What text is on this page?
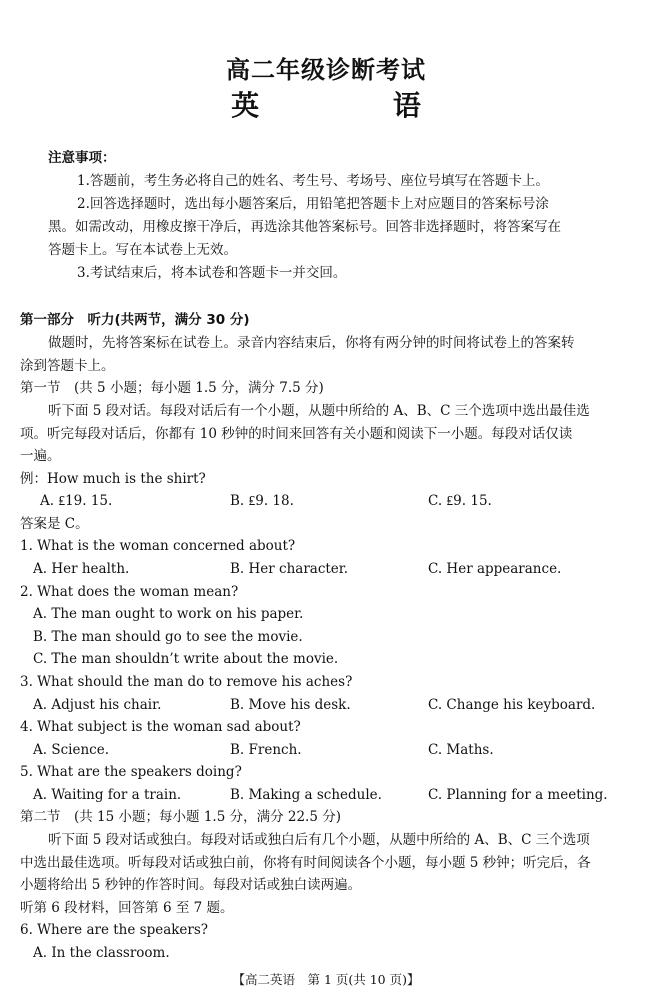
高二年级诊断考试
英 语
注意事项：
1.答题前，考生务必将自己的姓名、考生号、考场号、座位号填写在答题卡上。
2.回答选择题时，选出每小题答案后，用铅笔把答题卡上对应题目的答案标号涂
黑。如需改动，用橡皮擦干净后，再选涂其他答案标号。回答非选择题时，将答案写在
答题卡上。写在本试卷上无效。
3.考试结束后，将本试卷和答题卡一并交回。
第一部分　听力(共两节，满分 30 分)
做题时，先将答案标在试卷上。录音内容结束后，你将有两分钟的时间将试卷上的答案转
涂到答题卡上。
第一节　(共 5 小题；每小题 1.5 分，满分 7.5 分)
听下面 5 段对话。每段对话后有一个小题，从题中所给的 A、B、C 三个选项中选出最佳选
项。听完每段对话后，你都有 10 秒钟的时间来回答有关小题和阅读下一小题。每段对话仅读
一遍。
例：How much is the shirt?
A. ₤19. 15.	B. ₤9. 18.	C. ₤9. 15.
答案是 C。
1. What is the woman concerned about?
A. Her health.	B. Her character.	C. Her appearance.
2. What does the woman mean?
A. The man ought to work on his paper.
B. The man should go to see the movie.
C. The man shouldn’t write about the movie.
3. What should the man do to remove his aches?
A. Adjust his chair.	B. Move his desk.	C. Change his keyboard.
4. What subject is the woman sad about?
A. Science.	B. French.	C. Maths.
5. What are the speakers doing?
A. Waiting for a train.	B. Making a schedule.	C. Planning for a meeting.
第二节　(共 15 小题；每小题 1.5 分，满分 22.5 分)
听下面 5 段对话或独白。每段对话或独白后有几个小题，从题中所给的 A、B、C 三个选项
中选出最佳选项。听每段对话或独白前，你将有时间阅读各个小题，每小题 5 秒钟；听完后，各
小题将给出 5 秒钟的作答时间。每段对话或独白读两遍。
听第 6 段材料，回答第 6 至 7 题。
6. Where are the speakers?
A. In the classroom.
【高二英语　第 1 页(共 10 页)】
